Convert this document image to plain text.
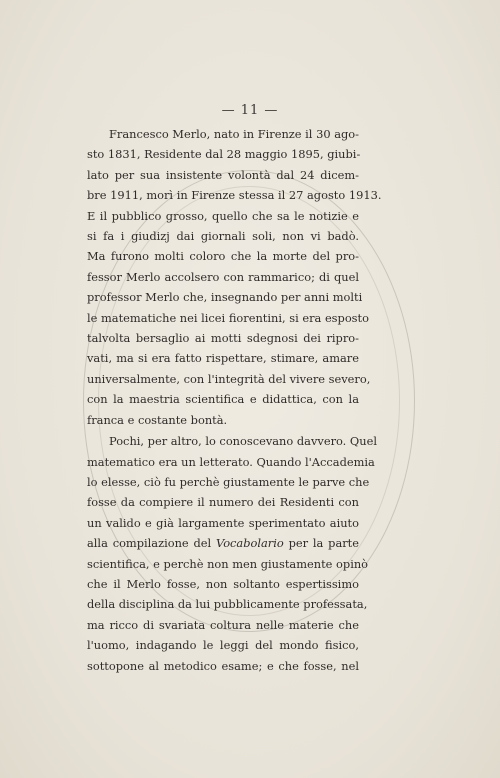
— 11 —

Francesco Merlo, nato in Firenze il 30 ago-
sto 1831, Residente dal 28 maggio 1895, giubi-
lato per sua insistente volontà dal 24 dicem-
bre 1911, morì in Firenze stessa il 27 agosto 1913.
E il pubblico grosso, quello che sa le notizie e
si fa i giudizj dai giornali soli, non vi badò.
Ma furono molti coloro che la morte del pro-
fessor Merlo accolsero con rammarico; di quel
professor Merlo che, insegnando per anni molti
le matematiche nei licei fiorentini, si era esposto
talvolta bersaglio ai motti sdegnosi dei ripro-
vati, ma si era fatto rispettare, stimare, amare
universalmente, con l'integrità del vivere severo,
con la maestria scientifica e didattica, con la
franca e costante bontà.

Pochi, per altro, lo conoscevano davvero. Quel
matematico era un letterato. Quando l'Accademia
lo elesse, ciò fu perchè giustamente le parve che
fosse da compiere il numero dei Residenti con
un valido e già largamente sperimentato aiuto
alla compilazione del Vocabolario per la parte
scientifica, e perchè non men giustamente opinò
che il Merlo fosse, non soltanto espertissimo
della disciplina da lui pubblicamente professata,
ma ricco di svariata coltura nelle materie che
l'uomo, indagando le leggi del mondo fisico,
sottopone al metodico esame; e che fosse, nel
